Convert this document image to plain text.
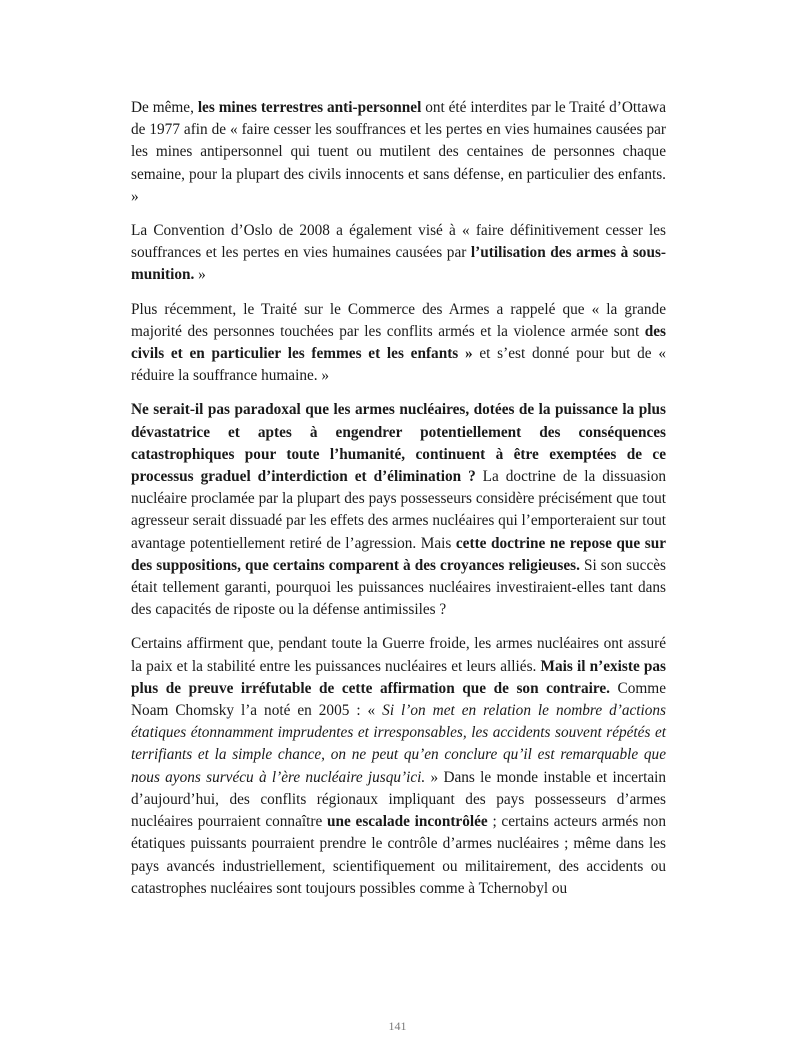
De même, les mines terrestres anti-personnel ont été interdites par le Traité d’Ottawa de 1977 afin de « faire cesser les souffrances et les pertes en vies humaines causées par les mines antipersonnel qui tuent ou mutilent des centaines de personnes chaque semaine, pour la plupart des civils innocents et sans défense, en particulier des enfants. »

La Convention d’Oslo de 2008 a également visé à « faire définitivement cesser les souffrances et les pertes en vies humaines causées par l’utilisation des armes à sous-munition. »

Plus récemment, le Traité sur le Commerce des Armes a rappelé que « la grande majorité des personnes touchées par les conflits armés et la violence armée sont des civils et en particulier les femmes et les enfants » et s’est donné pour but de « réduire la souffrance humaine. »

Ne serait-il pas paradoxal que les armes nucléaires, dotées de la puissance la plus dévastatrice et aptes à engendrer potentiellement des conséquences catastrophiques pour toute l’humanité, continuent à être exemptées de ce processus graduel d’interdiction et d’élimination ? La doctrine de la dissuasion nucléaire proclamée par la plupart des pays possesseurs considère précisément que tout agresseur serait dissuadé par les effets des armes nucléaires qui l’emporteraient sur tout avantage potentiellement retiré de l’agression. Mais cette doctrine ne repose que sur des suppositions, que certains comparent à des croyances religieuses. Si son succès était tellement garanti, pourquoi les puissances nucléaires investiraient-elles tant dans des capacités de riposte ou la défense antimissiles ?

Certains affirment que, pendant toute la Guerre froide, les armes nucléaires ont assuré la paix et la stabilité entre les puissances nucléaires et leurs alliés. Mais il n’existe pas plus de preuve irréfutable de cette affirmation que de son contraire. Comme Noam Chomsky l’a noté en 2005 : « Si l’on met en relation le nombre d’actions étatiques étonnamment imprudentes et irresponsables, les accidents souvent répétés et terrifiants et la simple chance, on ne peut qu’en conclure qu’il est remarquable que nous ayons survécu à l’ère nucléaire jusqu’ici. » Dans le monde instable et incertain d’aujourd’hui, des conflits régionaux impliquant des pays possesseurs d’armes nucléaires pourraient connaître une escalade incontrôlée ; certains acteurs armés non étatiques puissants pourraient prendre le contrôle d’armes nucléaires ; même dans les pays avancés industriellement, scientifiquement ou militairement, des accidents ou catastrophes nucléaires sont toujours possibles comme à Tchernobyl ou

141
